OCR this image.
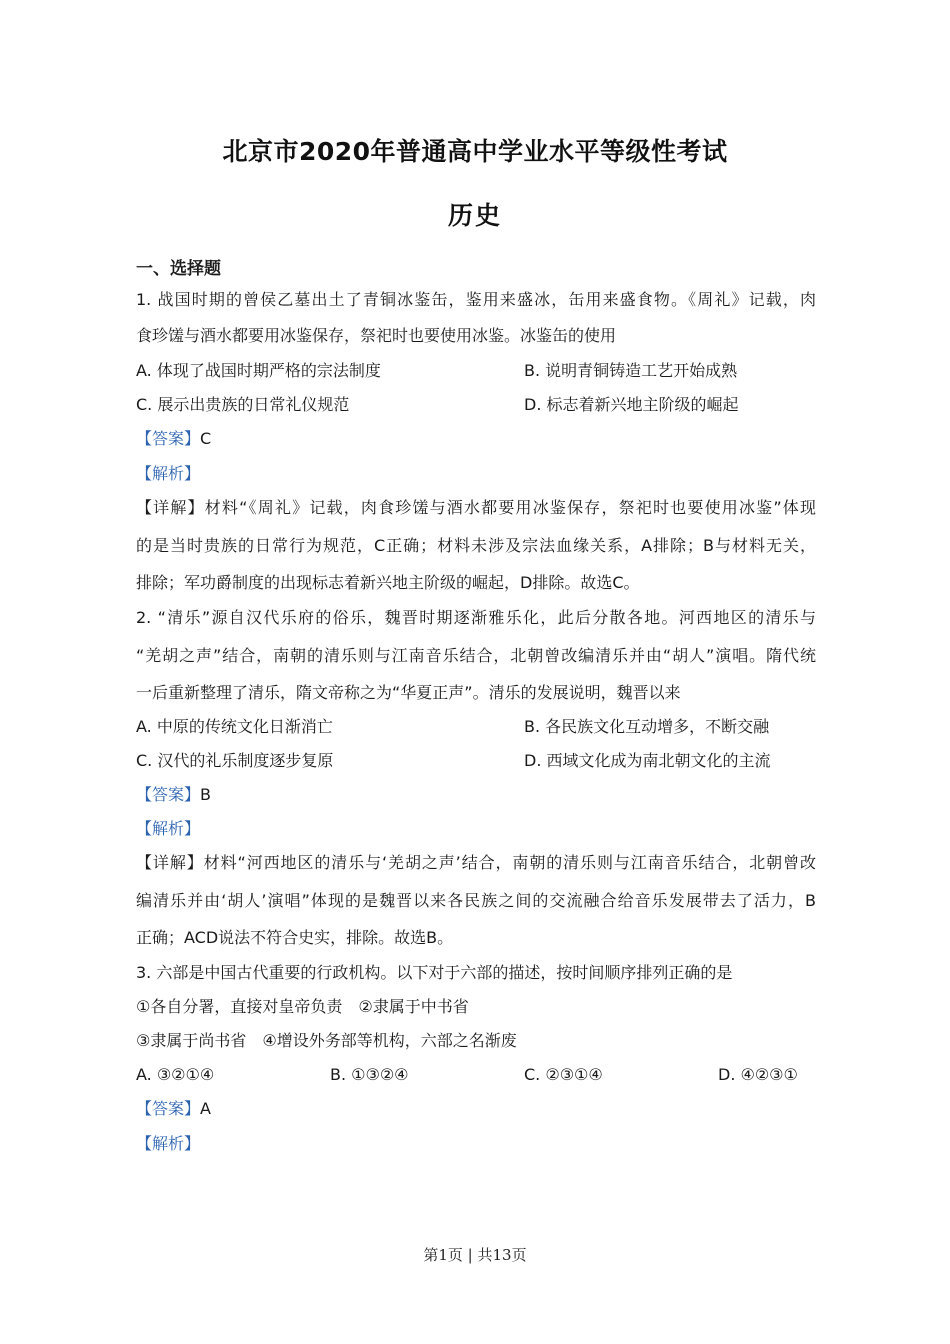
北京市2020年普通高中学业水平等级性考试
历史
一、选择题
1. 战国时期的曾侯乙墓出土了青铜冰鉴缶，鉴用来盛冰，缶用来盛食物。《周礼》记载，肉
食珍馐与酒水都要用冰鉴保存，祭祀时也要使用冰鉴。冰鉴缶的使用
A. 体现了战国时期严格的宗法制度	B. 说明青铜铸造工艺开始成熟
C. 展示出贵族的日常礼仪规范	D. 标志着新兴地主阶级的崛起
【答案】C
【解析】
【详解】材料“《周礼》记载，肉食珍馐与酒水都要用冰鉴保存，祭祀时也要使用冰鉴”体现
的是当时贵族的日常行为规范，C正确；材料未涉及宗法血缘关系，A排除；B与材料无关，
排除；军功爵制度的出现标志着新兴地主阶级的崛起，D排除。故选C。
2. “清乐”源自汉代乐府的俗乐，魏晋时期逐渐雅乐化，此后分散各地。河西地区的清乐与
“羌胡之声”结合，南朝的清乐则与江南音乐结合，北朝曾改编清乐并由“胡人”演唱。隋代统
一后重新整理了清乐，隋文帝称之为“华夏正声”。清乐的发展说明，魏晋以来
A. 中原的传统文化日渐消亡	B. 各民族文化互动增多，不断交融
C. 汉代的礼乐制度逐步复原	D. 西域文化成为南北朝文化的主流
【答案】B
【解析】
【详解】材料“河西地区的清乐与‘羌胡之声’结合，南朝的清乐则与江南音乐结合，北朝曾改
编清乐并由‘胡人’演唱”体现的是魏晋以来各民族之间的交流融合给音乐发展带去了活力，B
正确；ACD说法不符合史实，排除。故选B。
3. 六部是中国古代重要的行政机构。以下对于六部的描述，按时间顺序排列正确的是
①各自分署，直接对皇帝负责　②隶属于中书省
③隶属于尚书省　④增设外务部等机构，六部之名渐废
A. ③②①④	B. ①③②④	C. ②③①④	D. ④②③①
【答案】A
【解析】
第1页 | 共13页
